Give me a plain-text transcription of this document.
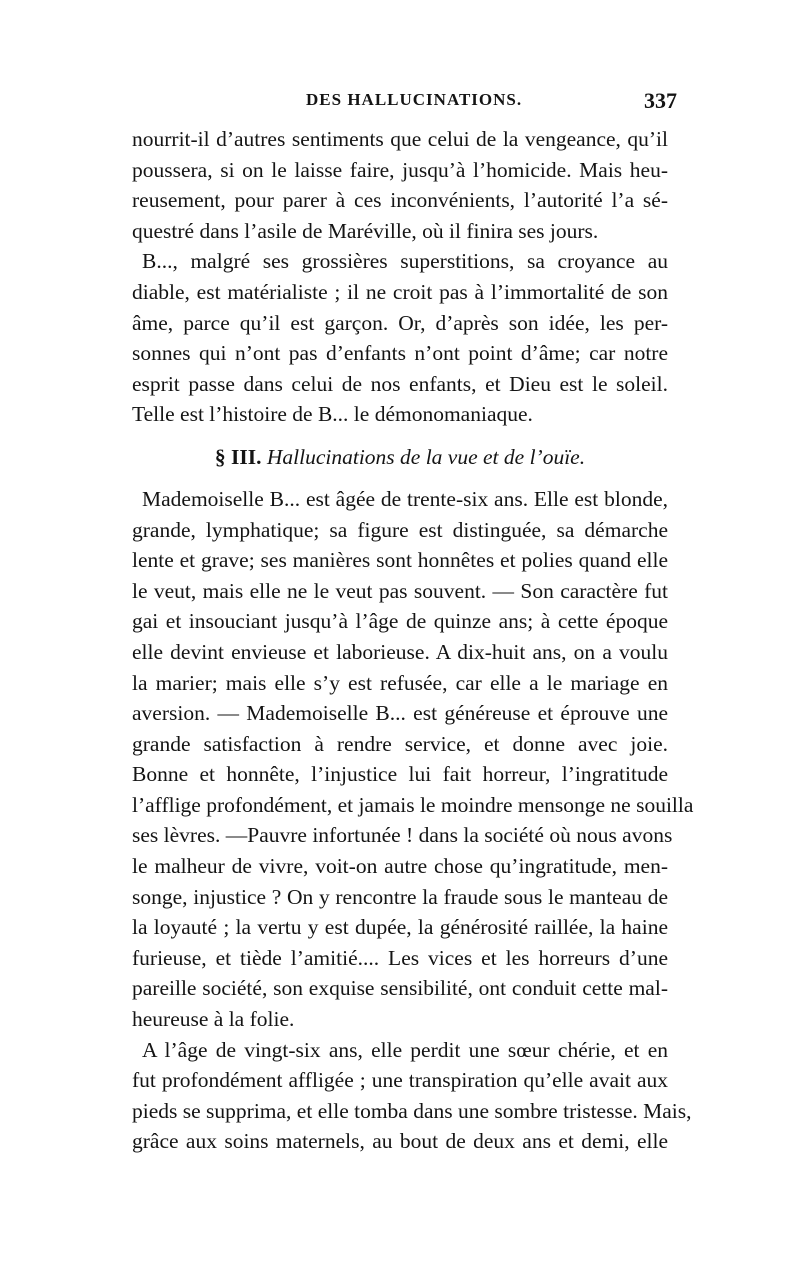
DES HALLUCINATIONS.	337
nourrit-il d’autres sentiments que celui de la vengeance, qu’il
poussera, si on le laisse faire, jusqu’à l’homicide. Mais heu-
reusement, pour parer à ces inconvénients, l’autorité l’a sé-
questré dans l’asile de Maréville, où il finira ses jours.
B..., malgré ses grossières superstitions, sa croyance au
diable, est matérialiste ; il ne croit pas à l’immortalité de son
âme, parce qu’il est garçon. Or, d’après son idée, les per-
sonnes qui n’ont pas d’enfants n’ont point d’âme; car notre
esprit passe dans celui de nos enfants, et Dieu est le soleil.
Telle est l’histoire de B... le démonomaniaque.
§ III. Hallucinations de la vue et de l’ouïe.
Mademoiselle B... est âgée de trente-six ans. Elle est blonde,
grande, lymphatique; sa figure est distinguée, sa démarche
lente et grave; ses manières sont honnêtes et polies quand elle
le veut, mais elle ne le veut pas souvent. — Son caractère fut
gai et insouciant jusqu’à l’âge de quinze ans; à cette époque
elle devint envieuse et laborieuse. A dix-huit ans, on a voulu
la marier; mais elle s’y est refusée, car elle a le mariage en
aversion. — Mademoiselle B... est généreuse et éprouve une
grande satisfaction à rendre service, et donne avec joie.
Bonne et honnête, l’injustice lui fait horreur, l’ingratitude
l’afflige profondément, et jamais le moindre mensonge ne souilla
ses lèvres. —Pauvre infortunée ! dans la société où nous avons
le malheur de vivre, voit-on autre chose qu’ingratitude, men-
songe, injustice ? On y rencontre la fraude sous le manteau de
la loyauté ; la vertu y est dupée, la générosité raillée, la haine
furieuse, et tiède l’amitié.... Les vices et les horreurs d’une
pareille société, son exquise sensibilité, ont conduit cette mal-
heureuse à la folie.
A l’âge de vingt-six ans, elle perdit une sœur chérie, et en
fut profondément affligée ; une transpiration qu’elle avait aux
pieds se supprima, et elle tomba dans une sombre tristesse. Mais,
grâce aux soins maternels, au bout de deux ans et demi, elle
